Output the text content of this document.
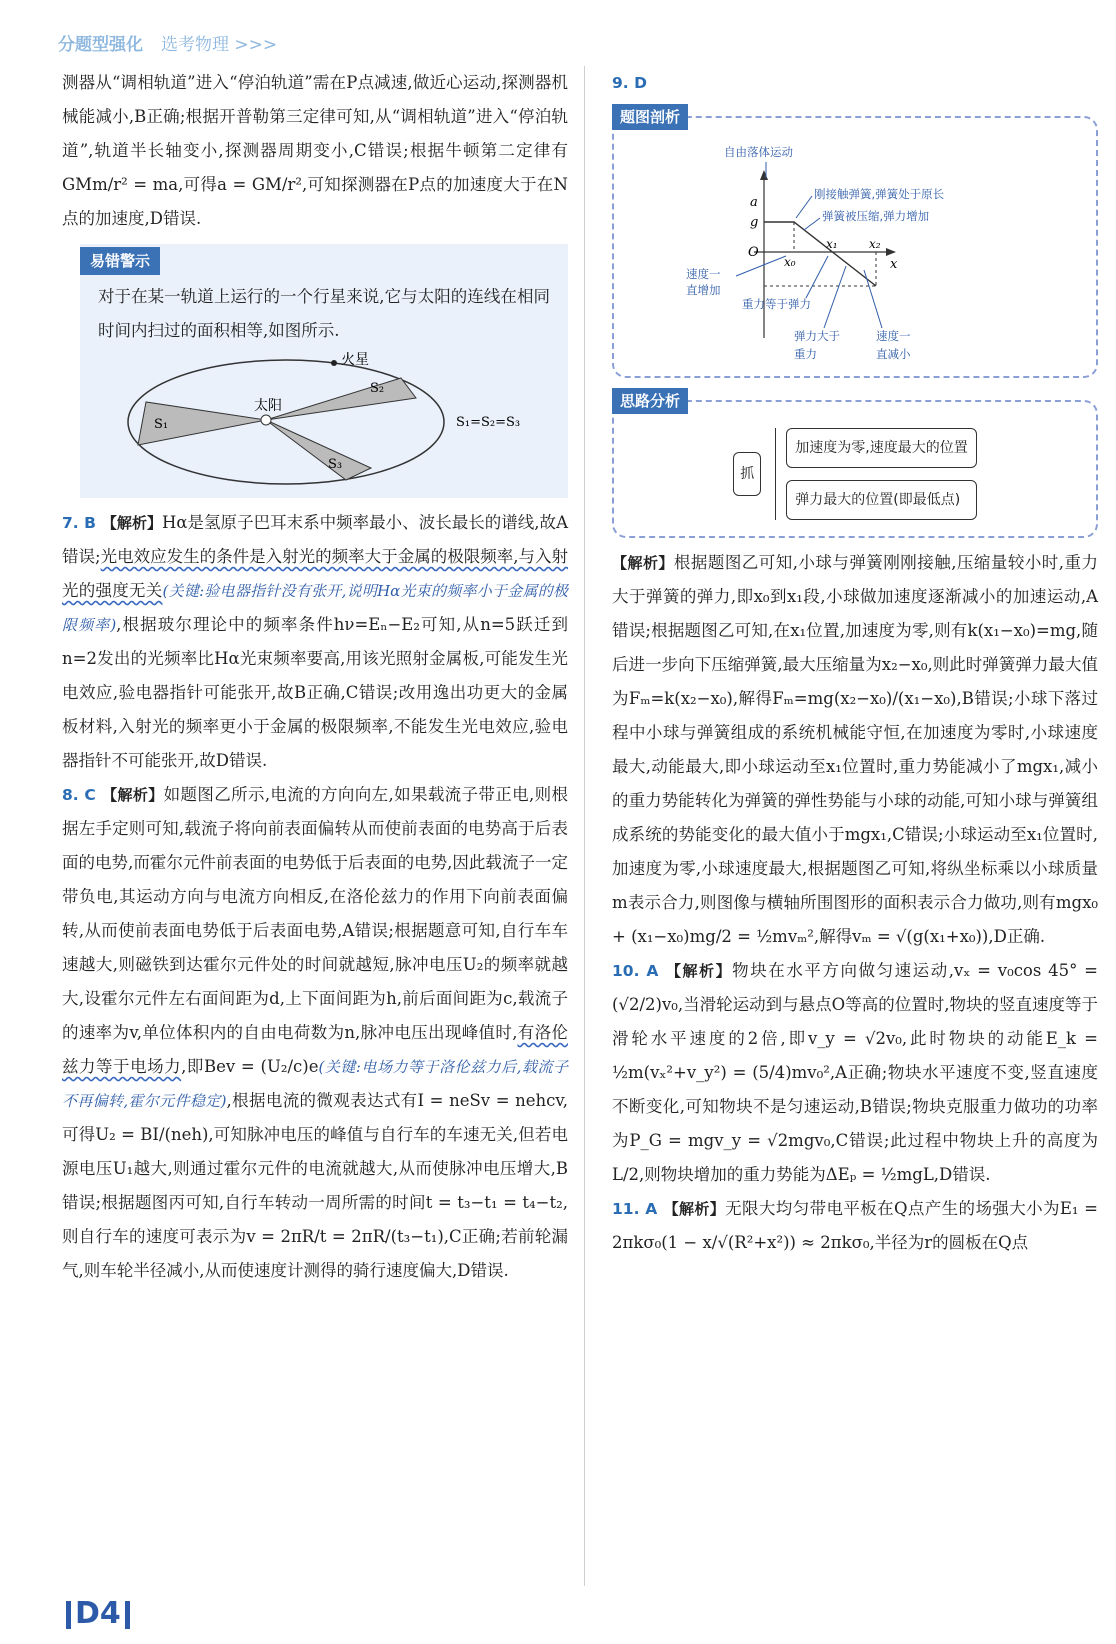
分题型强化 选考物理 >>>

测器从“调相轨道”进入“停泊轨道”需在P点减速,做近心运动,探测器机械能减小,B正确;根据开普勒第三定律可知,从“调相轨道”进入“停泊轨道”,轨道半长轴变小,探测器周期变小,C错误;根据牛顿第二定律有GMm/r² = ma,可得a = GM/r²,可知探测器在P点的加速度大于在N点的加速度,D错误.

易错警示

对于在某一轨道上运行的一个行星来说,它与太阳的连线在相同时间内扫过的面积相等,如图所示.

火星
太阳
S₁
S₂
S₃
S₁=S₂=S₃

7. B 【解析】Hα是氢原子巴耳末系中频率最小、波长最长的谱线,故A错误;光电效应发生的条件是入射光的频率大于金属的极限频率,与入射光的强度无关(关键:验电器指针没有张开,说明Hα光束的频率小于金属的极限频率),根据玻尔理论中的频率条件hν=Eₙ−E₂可知,从n=5跃迁到n=2发出的光频率比Hα光束频率要高,用该光照射金属板,可能发生光电效应,验电器指针可能张开,故B正确,C错误;改用逸出功更大的金属板材料,入射光的频率更小于金属的极限频率,不能发生光电效应,验电器指针不可能张开,故D错误.

8. C 【解析】如题图乙所示,电流的方向向左,如果载流子带正电,则根据左手定则可知,载流子将向前表面偏转从而使前表面的电势高于后表面的电势,而霍尔元件前表面的电势低于后表面的电势,因此载流子一定带负电,其运动方向与电流方向相反,在洛伦兹力的作用下向前表面偏转,从而使前表面电势低于后表面电势,A错误;根据题意可知,自行车车速越大,则磁铁到达霍尔元件处的时间就越短,脉冲电压U₂的频率就越大,设霍尔元件左右面间距为d,上下面间距为h,前后面间距为c,载流子的速率为v,单位体积内的自由电荷数为n,脉冲电压出现峰值时,有洛伦兹力等于电场力,即Bev = (U₂/c)e(关键:电场力等于洛伦兹力后,载流子不再偏转,霍尔元件稳定),根据电流的微观表达式有I = neSv = nehcv,可得U₂ = BI/(neh),可知脉冲电压的峰值与自行车的车速无关,但若电源电压U₁越大,则通过霍尔元件的电流就越大,从而使脉冲电压增大,B错误;根据题图丙可知,自行车转动一周所需的时间t = t₃−t₁ = t₄−t₂,则自行车的速度可表示为v = 2πR/t = 2πR/(t₃−t₁),C正确;若前轮漏气,则车轮半径减小,从而使速度计测得的骑行速度偏大,D错误.

9. D

题图剖析
a
g
O
x
x₀
x₁	x₂
自由落体运动
刚接触弹簧,弹簧处于原长
弹簧被压缩,弹力增加
速度一
直增加
重力等于弹力
弹力大于
重力
速度一
直减小
思路分析
抓
加速度为零,速度最大的位置
弹力最大的位置(即最低点)

【解析】根据题图乙可知,小球与弹簧刚刚接触,压缩量较小时,重力大于弹簧的弹力,即x₀到x₁段,小球做加速度逐渐减小的加速运动,A错误;根据题图乙可知,在x₁位置,加速度为零,则有k(x₁−x₀)=mg,随后进一步向下压缩弹簧,最大压缩量为x₂−x₀,则此时弹簧弹力最大值为Fₘ=k(x₂−x₀),解得Fₘ=mg(x₂−x₀)/(x₁−x₀),B错误;小球下落过程中小球与弹簧组成的系统机械能守恒,在加速度为零时,小球速度最大,动能最大,即小球运动至x₁位置时,重力势能减小了mgx₁,减小的重力势能转化为弹簧的弹性势能与小球的动能,可知小球与弹簧组成系统的势能变化的最大值小于mgx₁,C错误;小球运动至x₁位置时,加速度为零,小球速度最大,根据题图乙可知,将纵坐标乘以小球质量m表示合力,则图像与横轴所围图形的面积表示合力做功,则有mgx₀ + (x₁−x₀)mg/2 = ½mvₘ²,解得vₘ = √(g(x₁+x₀)),D正确.

10. A 【解析】物块在水平方向做匀速运动,vₓ = v₀cos 45° = (√2/2)v₀,当滑轮运动到与悬点O等高的位置时,物块的竖直速度等于滑轮水平速度的2倍,即v_y = √2v₀,此时物块的动能E_k = ½m(vₓ²+v_y²) = (5/4)mv₀²,A正确;物块水平速度不变,竖直速度不断变化,可知物块不是匀速运动,B错误;物块克服重力做功的功率为P_G = mgv_y = √2mgv₀,C错误;此过程中物块上升的高度为L/2,则物块增加的重力势能为ΔEₚ = ½mgL,D错误.

11. A 【解析】无限大均匀带电平板在Q点产生的场强大小为E₁ = 2πkσ₀(1 − x/√(R²+x²)) ≈ 2πkσ₀,半径为r的圆板在Q点

D4
